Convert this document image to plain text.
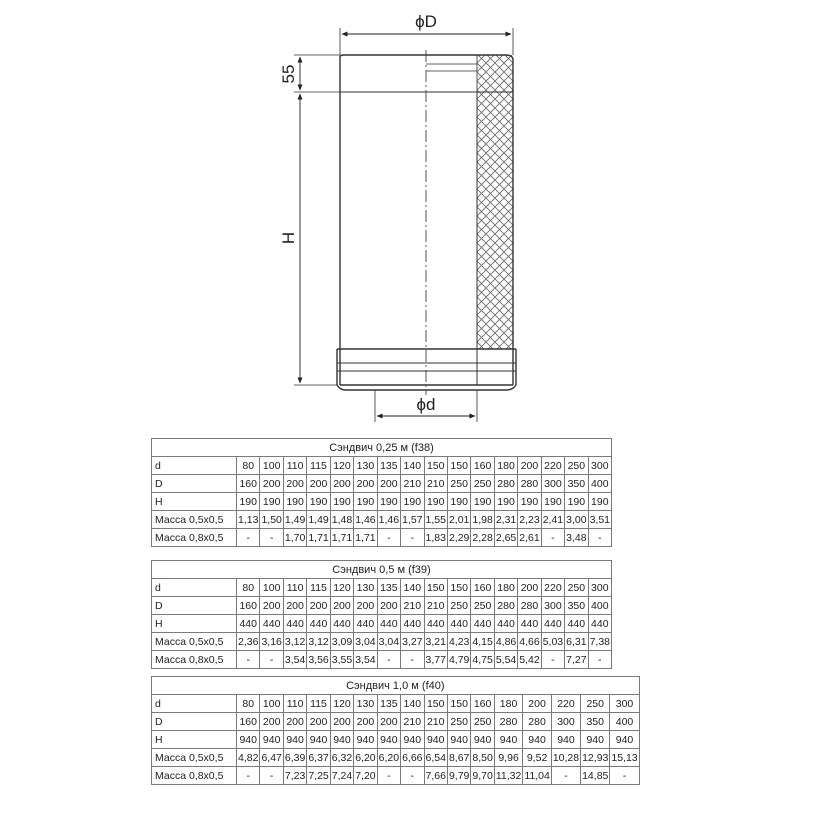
ϕD
ϕd
55
H
Сэндвич 0,25 м (f38)																
d	80	100	110	115	120	130	135	140	150	150	160	180	200	220	250	300
D	160	200	200	200	200	200	200	210	210	250	250	280	280	300	350	400
H	190	190	190	190	190	190	190	190	190	190	190	190	190	190	190	190
Масса 0,5х0,5	1,13	1,50	1,49	1,49	1,48	1,46	1,46	1,57	1,55	2,01	1,98	2,31	2,23	2,41	3,00	3,51
Масса 0,8х0,5	-	-	1,70	1,71	1,71	1,71	-	-	1,83	2,29	2,28	2,65	2,61	-	3,48	-
Сэндвич 0,5 м (f39)																
d	80	100	110	115	120	130	135	140	150	150	160	180	200	220	250	300
D	160	200	200	200	200	200	200	210	210	250	250	280	280	300	350	400
H	440	440	440	440	440	440	440	440	440	440	440	440	440	440	440	440
Масса 0,5х0,5	2,36	3,16	3,12	3,12	3,09	3,04	3,04	3,27	3,21	4,23	4,15	4,86	4,66	5,03	6,31	7,38
Масса 0,8х0,5	-	-	3,54	3,56	3,55	3,54	-	-	3,77	4,79	4,75	5,54	5,42	-	7,27	-
Сэндвич 1,0 м (f40)																
d	80	100	110	115	120	130	135	140	150	150	160	180	200	220	250	300
D	160	200	200	200	200	200	200	210	210	250	250	280	280	300	350	400
H	940	940	940	940	940	940	940	940	940	940	940	940	940	940	940	940
Масса 0,5х0,5	4,82	6,47	6,39	6,37	6,32	6,20	6,20	6,66	6,54	8,67	8,50	9,96	9,52	10,28	12,93	15,13
Масса 0,8х0,5	-	-	7,23	7,25	7,24	7,20	-	-	7,66	9,79	9,70	11,32	11,04	-	14,85	-
